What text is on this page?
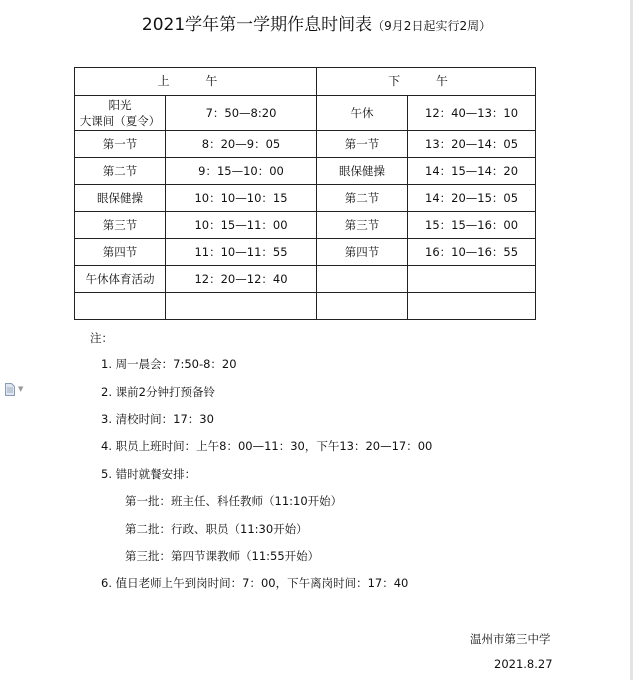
2021学年第一学期作息时间表（9月2日起实行2周）
▼
上 午		下 午	
阳光
大课间（夏令）	7：50—8:20	午休	12：40—13：10
第一节	8：20—9：05	第一节	13：20—14：05
第二节	9：15—10：00	眼保健操	14：15—14：20
眼保健操	10：10—10：15	第二节	14：20—15：05
第三节	10：15—11：00	第三节	15：15—16：00
第四节	11：10—11：55	第四节	16：10—16：55
午休体育活动	12：20—12：40		

注：
1. 周一晨会：7:50-8：20
2. 课前2分钟打预备铃
3. 清校时间：17：30
4. 职员上班时间：上午8：00—11：30，下午13：20—17：00
5. 错时就餐安排：
第一批：班主任、科任教师（11:10开始）
第二批：行政、职员（11:30开始）
第三批：第四节课教师（11:55开始）
6. 值日老师上午到岗时间：7：00，下午离岗时间：17：40
温州市第三中学
2021.8.27
